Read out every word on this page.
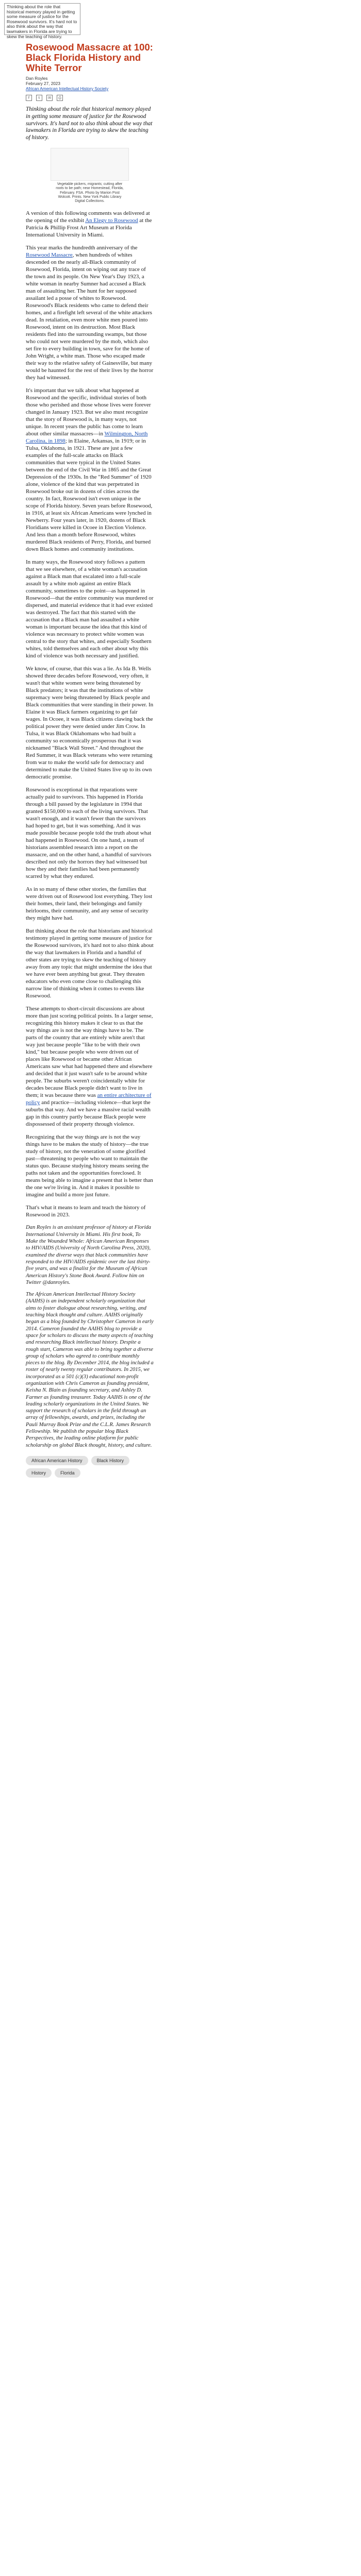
Thinking about the role that historical memory played in getting some measure of justice for the Rosewood survivors. It's hard not to also think about the way that lawmakers in Florida are trying to skew the teaching of history.
Rosewood Massacre at 100: Black Florida History and White Terror
Dan Royles
February 27, 2023
African American Intellectual History Society
f	t	✉	⎙
Thinking about the role that historical memory played in getting some measure of justice for the Rosewood survivors. It's hard not to also think about the way that lawmakers in Florida are trying to skew the teaching of history.
Vegetable pickers, migrants; cutting after roots to be path; near Homestead, Florida, February. FSA. Photo by Marion Post Wolcott. Prints. New York Public Library Digital Collections.

A version of this following comments was delivered at the opening of the exhibit An Elegy to Rosewood at the Patricia & Phillip Frost Art Museum at Florida International University in Miami.

This year marks the hundredth anniversary of the Rosewood Massacre, when hundreds of whites descended on the nearly all-Black community of Rosewood, Florida, intent on wiping out any trace of the town and its people. On New Year's Day 1923, a white woman in nearby Sumner had accused a Black man of assaulting her. The hunt for her supposed assailant led a posse of whites to Rosewood. Rosewood's Black residents who came to defend their homes, and a firefight left several of the white attackers dead. In retaliation, even more white men poured into Rosewood, intent on its destruction. Most Black residents fled into the surrounding swamps, but those who could not were murdered by the mob, which also set fire to every building in town, save for the home of John Wright, a white man. Those who escaped made their way to the relative safety of Gainesville, but many would be haunted for the rest of their lives by the horror they had witnessed.

It's important that we talk about what happened at Rosewood and the specific, individual stories of both those who perished and those whose lives were forever changed in January 1923. But we also must recognize that the story of Rosewood is, in many ways, not unique. In recent years the public has come to learn about other similar massacres—in Wilmington, North Carolina, in 1898; in Elaine, Arkansas, in 1919; or in Tulsa, Oklahoma, in 1921. These are just a few examples of the full-scale attacks on Black communities that were typical in the United States between the end of the Civil War in 1865 and the Great Depression of the 1930s. In the "Red Summer" of 1920 alone, violence of the kind that was perpetrated in Rosewood broke out in dozens of cities across the country. In fact, Rosewood isn't even unique in the scope of Florida history. Seven years before Rosewood, in 1916, at least six African Americans were lynched in Newberry. Four years later, in 1920, dozens of Black Floridians were killed in Ocoee in Election Violence. And less than a month before Rosewood, whites murdered Black residents of Perry, Florida, and burned down Black homes and community institutions.

In many ways, the Rosewood story follows a pattern that we see elsewhere, of a white woman's accusation against a Black man that escalated into a full-scale assault by a white mob against an entire Black community, sometimes to the point—as happened in Rosewood—that the entire community was murdered or dispersed, and material evidence that it had ever existed was destroyed. The fact that this started with the accusation that a Black man had assaulted a white woman is important because the idea that this kind of violence was necessary to protect white women was central to the story that whites, and especially Southern whites, told themselves and each other about why this kind of violence was both necessary and justified.

We know, of course, that this was a lie. As Ida B. Wells showed three decades before Rosewood, very often, it wasn't that white women were being threatened by Black predators; it was that the institutions of white supremacy were being threatened by Black people and Black communities that were standing in their power. In Elaine it was Black farmers organizing to get fair wages. In Ocoee, it was Black citizens clawing back the political power they were denied under Jim Crow. In Tulsa, it was Black Oklahomans who had built a community so economically prosperous that it was nicknamed "Black Wall Street." And throughout the Red Summer, it was Black veterans who were returning from war to make the world safe for democracy and determined to make the United States live up to its own democratic promise.

Rosewood is exceptional in that reparations were actually paid to survivors. This happened in Florida through a bill passed by the legislature in 1994 that granted $150,000 to each of the living survivors. That wasn't enough, and it wasn't fewer than the survivors had hoped to get, but it was something. And it was made possible because people told the truth about what had happened in Rosewood. On one hand, a team of historians assembled research into a report on the massacre, and on the other hand, a handful of survivors described not only the horrors they had witnessed but how they and their families had been permanently scarred by what they endured.

As in so many of these other stories, the families that were driven out of Rosewood lost everything. They lost their homes, their land, their belongings and family heirlooms, their community, and any sense of security they might have had.

But thinking about the role that historians and historical testimony played in getting some measure of justice for the Rosewood survivors, it's hard not to also think about the way that lawmakers in Florida and a handful of other states are trying to skew the teaching of history away from any topic that might undermine the idea that we have ever been anything but great. They threaten educators who even come close to challenging this narrow line of thinking when it comes to events like Rosewood.

These attempts to short-circuit discussions are about more than just scoring political points. In a larger sense, recognizing this history makes it clear to us that the way things are is not the way things have to be. The parts of the country that are entirely white aren't that way just because people "like to be with their own kind," but because people who were driven out of places like Rosewood or became other African Americans saw what had happened there and elsewhere and decided that it just wasn't safe to be around white people. The suburbs weren't coincidentally white for decades because Black people didn't want to live in them; it was because there was an entire architecture of policy and practice—including violence—that kept the suburbs that way. And we have a massive racial wealth gap in this country partly because Black people were dispossessed of their property through violence.

Recognizing that the way things are is not the way things have to be makes the study of history—the true study of history, not the veneration of some glorified past—threatening to people who want to maintain the status quo. Because studying history means seeing the paths not taken and the opportunities foreclosed. It means being able to imagine a present that is better than the one we're living in. And it makes it possible to imagine and build a more just future.

That's what it means to learn and teach the history of Rosewood in 2023.

Dan Royles is an assistant professor of history at Florida International University in Miami. His first book, To Make the Wounded Whole: African American Responses to HIV/AIDS (University of North Carolina Press, 2020), examined the diverse ways that black communities have responded to the HIV/AIDS epidemic over the last thirty-five years, and was a finalist for the Museum of African American History's Stone Book Award. Follow him on Twitter @danroyles.

The African American Intellectual History Society (AAIHS) is an independent scholarly organization that aims to foster dialogue about researching, writing, and teaching black thought and culture. AAIHS originally began as a blog founded by Christopher Cameron in early 2014. Cameron founded the AAIHS blog to provide a space for scholars to discuss the many aspects of teaching and researching Black intellectual history. Despite a rough start, Cameron was able to bring together a diverse group of scholars who agreed to contribute monthly pieces to the blog. By December 2014, the blog included a roster of nearly twenty regular contributors. In 2015, we incorporated as a 501 (c)(3) educational non-profit organization with Chris Cameron as founding president, Keisha N. Blain as founding secretary, and Ashley D. Farmer as founding treasurer. Today AAIHS is one of the leading scholarly organizations in the United States. We support the research of scholars in the field through an array of fellowships, awards, and prizes, including the Pauli Murray Book Prize and the C.L.R. James Research Fellowship. We publish the popular blog Black Perspectives, the leading online platform for public scholarship on global Black thought, history, and culture.

African American History	Black History
History	Florida
